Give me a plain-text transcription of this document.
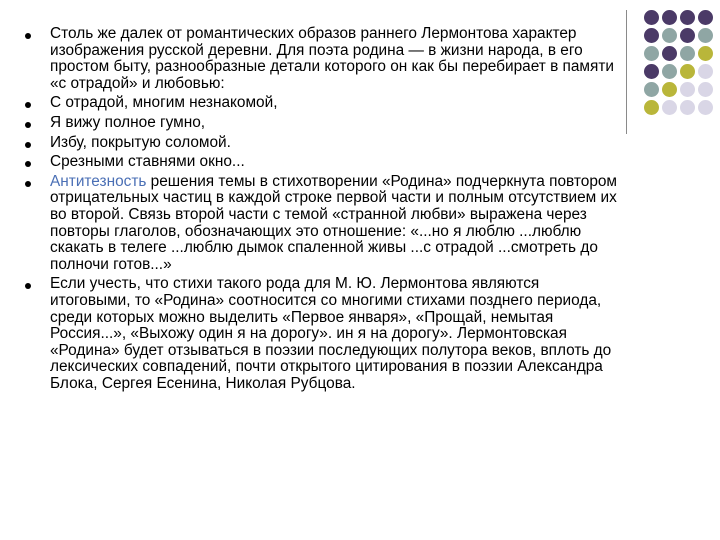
Столь же далек от романтических образов раннего Лермонтова характер изображения русской деревни. Для поэта родина — в жизни народа, в его простом быту, разнообразные детали которого он как бы перебирает в памяти «с отрадой» и любовью:
С отрадой, многим незнакомой,
Я вижу полное гумно,
Избу, покрытую соломой.
Срезными ставнями окно...
Антитезность решения темы в стихотворении «Родина» подчеркнута повтором отрицательных частиц в каждой строке первой части и полным отсутствием их во второй. Связь второй части с темой «странной любви» выражена через повторы глаголов, обозначающих это отношение: «...но я люблю ...люблю скакать в телеге ...люблю дымок спаленной живы ...с отрадой ...смотреть до полночи готов...»
Если учесть, что стихи такого рода для М. Ю. Лермонтова являются итоговыми, то «Родина» соотносится со многими стихами позднего периода, среди которых можно выделить «Первое января», «Прощай, немытая Россия...», «Выхожу один я на дорогу». ин я на дорогу». Лермонтовская «Родина» будет отзываться в поэзии последующих полутора веков, вплоть до лексических совпадений, почти открытого цитирования в поэзии Александра Блока, Сергея Есенина, Николая Рубцова.
